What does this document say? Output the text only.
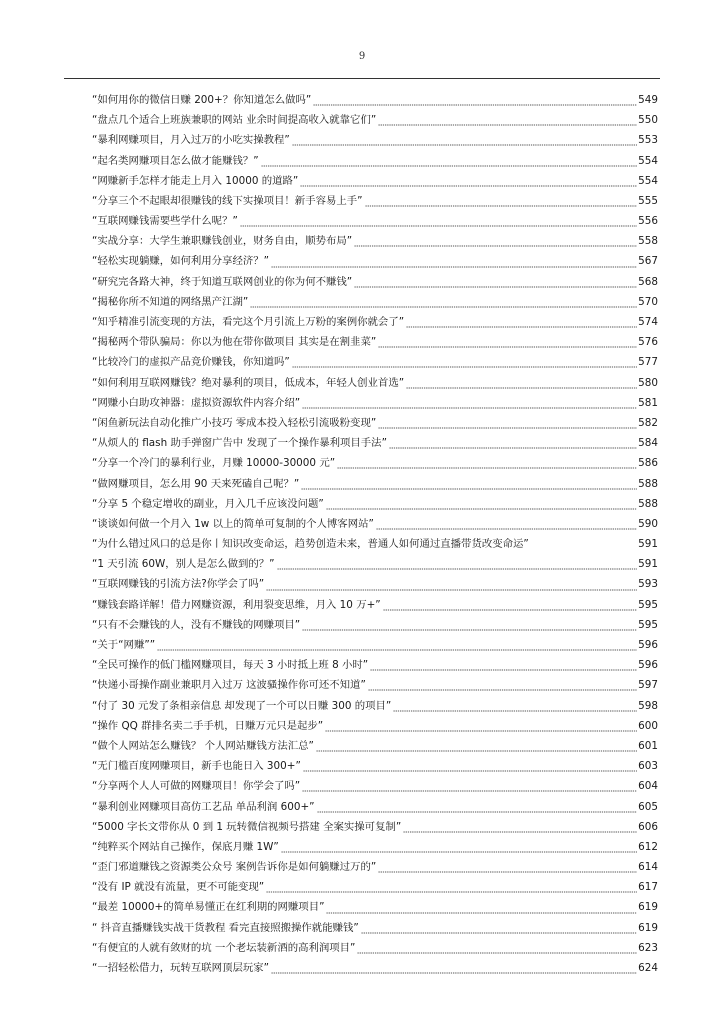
9
“如何用你的微信日赚 200+？你知道怎么做吗”	549
“盘点几个适合上班族兼职的网站 业余时间提高收入就靠它们”	550
“暴利网赚项目，月入过万的小吃实操教程”	553
“起名类网赚项目怎么做才能赚钱？”	554
“网赚新手怎样才能走上月入 10000 的道路”	554
“分享三个不起眼却很赚钱的线下实操项目！新手容易上手”	555
“互联网赚钱需要些学什么呢？”	556
“实战分享：大学生兼职赚钱创业，财务自由，顺势布局”	558
“轻松实现躺赚，如何利用分享经济？”	567
“研究完各路大神，终于知道互联网创业的你为何不赚钱”	568
“揭秘你所不知道的网络黑产江湖”	570
“知乎精准引流变现的方法，看完这个月引流上万粉的案例你就会了”	574
“揭秘两个带队骗局：你以为他在带你做项目 其实是在割韭菜”	576
“比较冷门的虚拟产品竞价赚钱，你知道吗”	577
“如何利用互联网赚钱？绝对暴利的项目，低成本，年轻人创业首选”	580
“网赚小白助攻神器：虚拟资源软件内容介绍”	581
“闲鱼新玩法自动化推广小技巧 零成本投入轻松引流吸粉变现”	582
“从烦人的 flash 助手弹窗广告中 发现了一个操作暴利项目手法”	584
“分享一个冷门的暴利行业，月赚 10000-30000 元”	586
“做网赚项目，怎么用 90 天来死磕自己呢？”	588
“分享 5 个稳定增收的副业，月入几千应该没问题”	588
“谈谈如何做一个月入 1w 以上的简单可复制的个人博客网站”	590
“为什么错过风口的总是你丨知识改变命运，趋势创造未来，普通人如何通过直播带货改变命运”	591
“1 天引流 60W，别人是怎么做到的？”	591
“互联网赚钱的引流方法?你学会了吗”	593
“赚钱套路详解！借力网赚资源，利用裂变思维，月入 10 万+”	595
“只有不会赚钱的人，没有不赚钱的网赚项目”	595
“关于“网赚””	596
“全民可操作的低门槛网赚项目，每天 3 小时抵上班 8 小时”	596
“快递小哥操作副业兼职月入过万 这波骚操作你可还不知道”	597
“付了 30 元发了条相亲信息 却发现了一个可以日赚 300 的项目”	598
“操作 QQ 群排名卖二手手机，日赚万元只是起步”	600
“做个人网站怎么赚钱？ 个人网站赚钱方法汇总”	601
“无门槛百度网赚项目，新手也能日入 300+”	603
“分享两个人人可做的网赚项目！你学会了吗”	604
“暴利创业网赚项目高仿工艺品 单品利润 600+”	605
“5000 字长文带你从 0 到 1 玩转微信视频号搭建 全案实操可复制”	606
“纯粹买个网站自己操作，保底月赚 1W”	612
“歪门邪道赚钱之资源类公众号 案例告诉你是如何躺赚过万的”	614
“没有 IP 就没有流量，更不可能变现”	617
“最差 10000+的简单易懂正在红利期的网赚项目”	619
“ 抖音直播赚钱实战干货教程 看完直接照搬操作就能赚钱”	619
“有便宜的人就有敛财的坑 一个老坛装新酒的高利润项目”	623
“一招轻松借力，玩转互联网顶层玩家”	624
